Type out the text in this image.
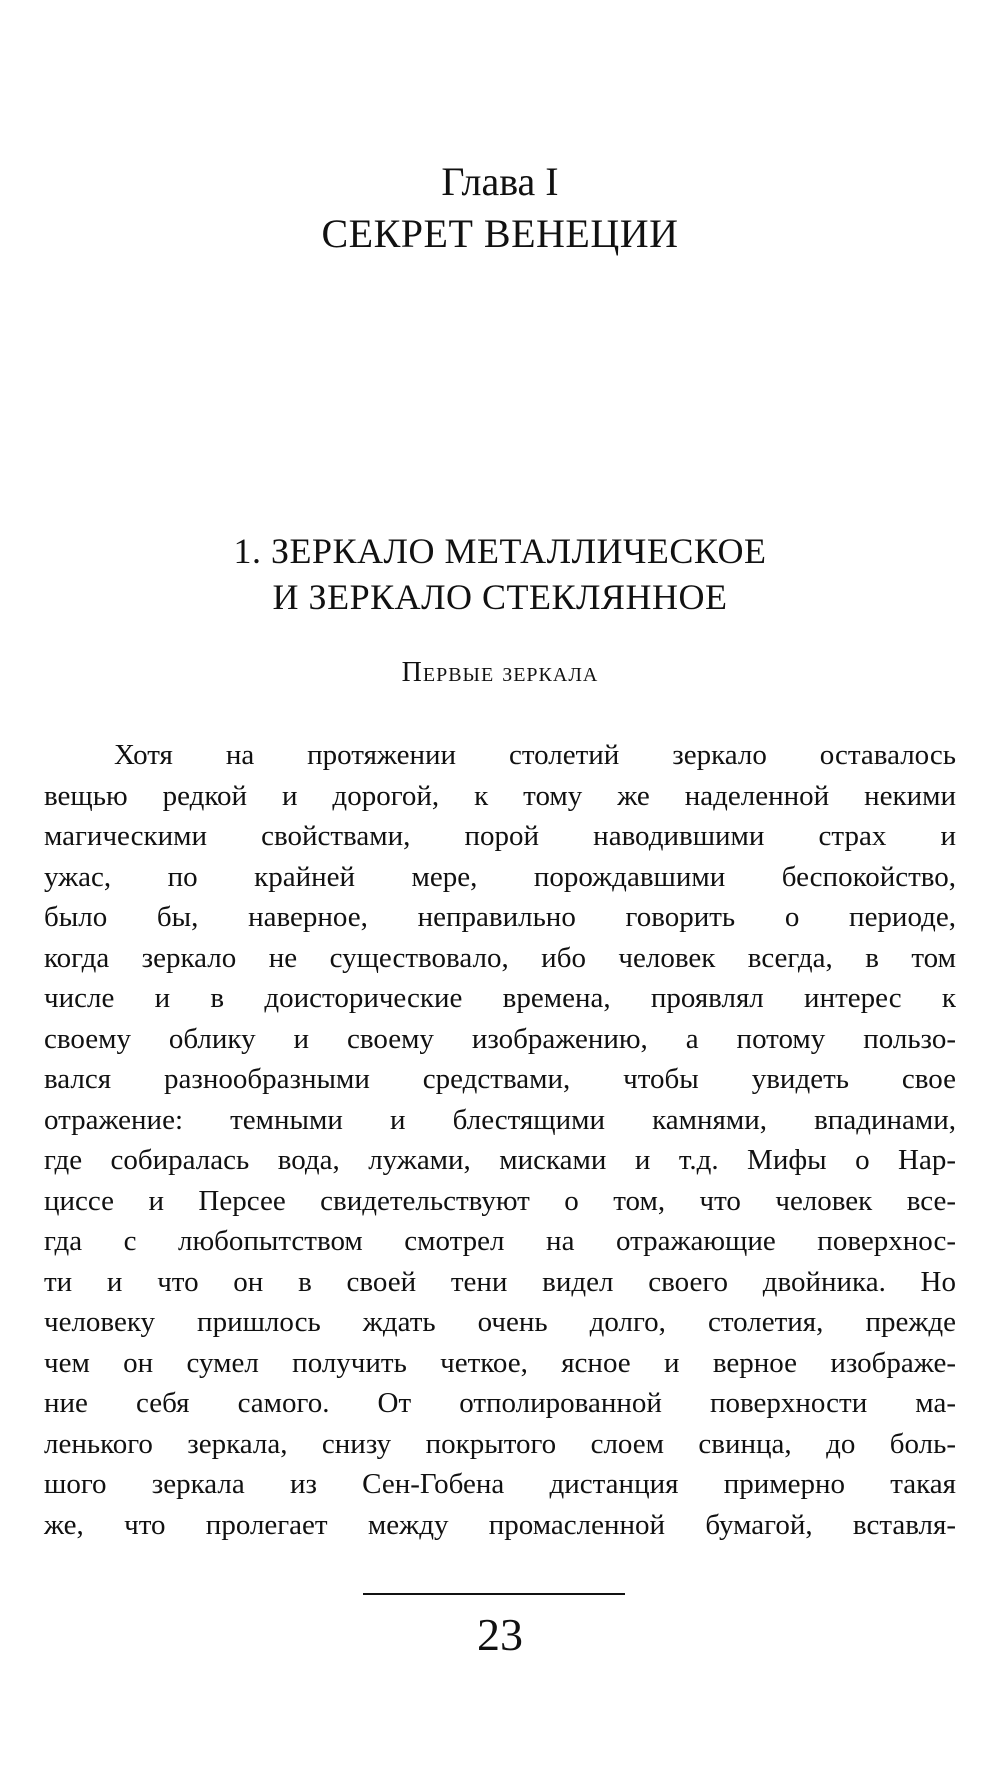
Глава I
СЕКРЕТ ВЕНЕЦИИ
1. ЗЕРКАЛО МЕТАЛЛИЧЕСКОЕ
И ЗЕРКАЛО СТЕКЛЯННОЕ
Первые зеркала
Хотя на протяжении столетий зеркало оставалось
вещью редкой и дорогой, к тому же наделенной некими
магическими свойствами, порой наводившими страх и
ужас, по крайней мере, порождавшими беспокойство,
было бы, наверное, неправильно говорить о периоде,
когда зеркало не существовало, ибо человек всегда, в том
числе и в доисторические времена, проявлял интерес к
своему облику и своему изображению, а потому пользо-
вался разнообразными средствами, чтобы увидеть свое
отражение: темными и блестящими камнями, впадинами,
где собиралась вода, лужами, мисками и т.д. Мифы о Нар-
циссе и Персее свидетельствуют о том, что человек все-
гда с любопытством смотрел на отражающие поверхнос-
ти и что он в своей тени видел своего двойника. Но
человеку пришлось ждать очень долго, столетия, прежде
чем он сумел получить четкое, ясное и верное изображе-
ние себя самого. От отполированной поверхности ма-
ленького зеркала, снизу покрытого слоем свинца, до боль-
шого зеркала из Сен-Гобена дистанция примерно такая
же, что пролегает между промасленной бумагой, вставля-
23
